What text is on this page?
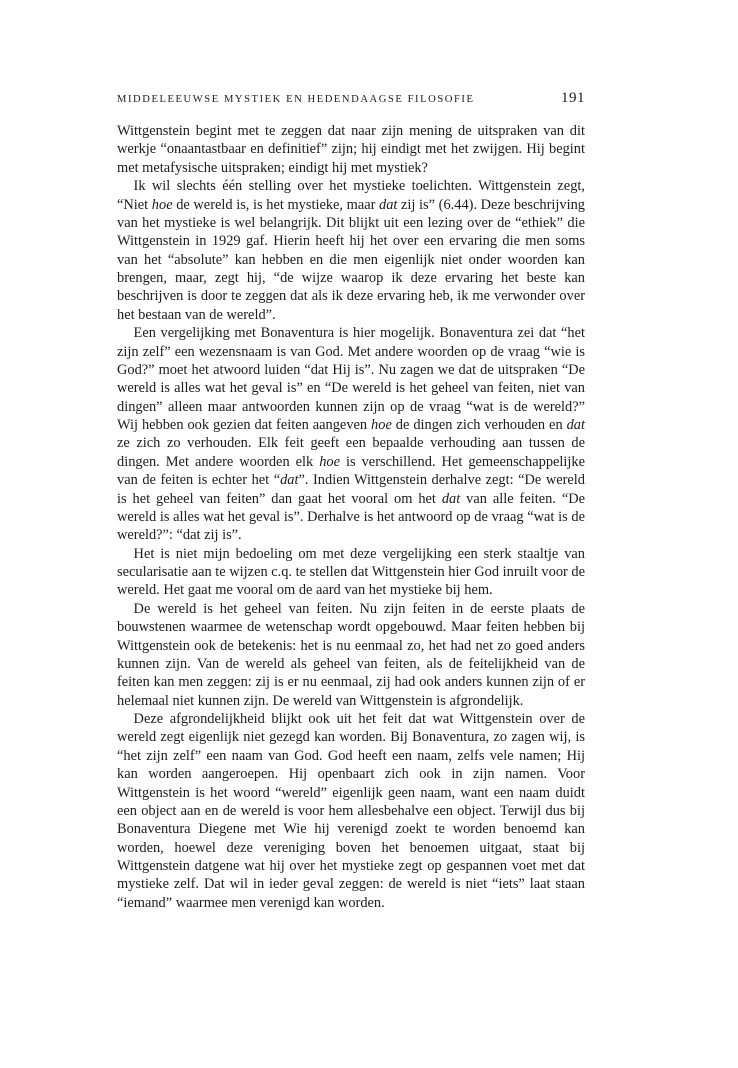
MIDDELEEUWSE MYSTIEK EN HEDENDAAGSE FILOSOFIE	191

Wittgenstein begint met te zeggen dat naar zijn mening de uitspraken van dit werkje “onaantastbaar en definitief” zijn; hij eindigt met het zwijgen. Hij begint met metafysische uitspraken; eindigt hij met mystiek?

Ik wil slechts één stelling over het mystieke toelichten. Wittgenstein zegt, “Niet hoe de wereld is, is het mystieke, maar dat zij is” (6.44). Deze beschrijving van het mystieke is wel belangrijk. Dit blijkt uit een lezing over de “ethiek” die Wittgenstein in 1929 gaf. Hierin heeft hij het over een ervaring die men soms van het “absolute” kan hebben en die men eigenlijk niet onder woorden kan brengen, maar, zegt hij, “de wijze waarop ik deze ervaring het beste kan beschrijven is door te zeggen dat als ik deze ervaring heb, ik me verwonder over het bestaan van de wereld”.

Een vergelijking met Bonaventura is hier mogelijk. Bonaventura zei dat “het zijn zelf” een wezensnaam is van God. Met andere woorden op de vraag “wie is God?” moet het atwoord luiden “dat Hij is”. Nu zagen we dat de uitspraken “De wereld is alles wat het geval is” en “De wereld is het geheel van feiten, niet van dingen” alleen maar antwoorden kunnen zijn op de vraag “wat is de wereld?” Wij hebben ook gezien dat feiten aangeven hoe de dingen zich verhouden en dat ze zich zo verhouden. Elk feit geeft een bepaalde verhouding aan tussen de dingen. Met andere woorden elk hoe is verschillend. Het gemeenschappelijke van de feiten is echter het “dat”. Indien Wittgenstein derhalve zegt: “De wereld is het geheel van feiten” dan gaat het vooral om het dat van alle feiten. “De wereld is alles wat het geval is”. Derhalve is het antwoord op de vraag “wat is de wereld?”: “dat zij is”.

Het is niet mijn bedoeling om met deze vergelijking een sterk staaltje van secularisatie aan te wijzen c.q. te stellen dat Wittgenstein hier God inruilt voor de wereld. Het gaat me vooral om de aard van het mystieke bij hem.

De wereld is het geheel van feiten. Nu zijn feiten in de eerste plaats de bouwstenen waarmee de wetenschap wordt opgebouwd. Maar feiten hebben bij Wittgenstein ook de betekenis: het is nu eenmaal zo, het had net zo goed anders kunnen zijn. Van de wereld als geheel van feiten, als de feitelijkheid van de feiten kan men zeggen: zij is er nu eenmaal, zij had ook anders kunnen zijn of er helemaal niet kunnen zijn. De wereld van Wittgenstein is afgrondelijk.

Deze afgrondelijkheid blijkt ook uit het feit dat wat Wittgenstein over de wereld zegt eigenlijk niet gezegd kan worden. Bij Bonaventura, zo zagen wij, is “het zijn zelf” een naam van God. God heeft een naam, zelfs vele namen; Hij kan worden aangeroepen. Hij openbaart zich ook in zijn namen. Voor Wittgenstein is het woord “wereld” eigenlijk geen naam, want een naam duidt een object aan en de wereld is voor hem allesbehalve een object. Terwijl dus bij Bonaventura Diegene met Wie hij verenigd zoekt te worden benoemd kan worden, hoewel deze vereniging boven het benoemen uitgaat, staat bij Wittgenstein datgene wat hij over het mystieke zegt op gespannen voet met dat mystieke zelf. Dat wil in ieder geval zeggen: de wereld is niet “iets” laat staan “iemand” waarmee men verenigd kan worden.
